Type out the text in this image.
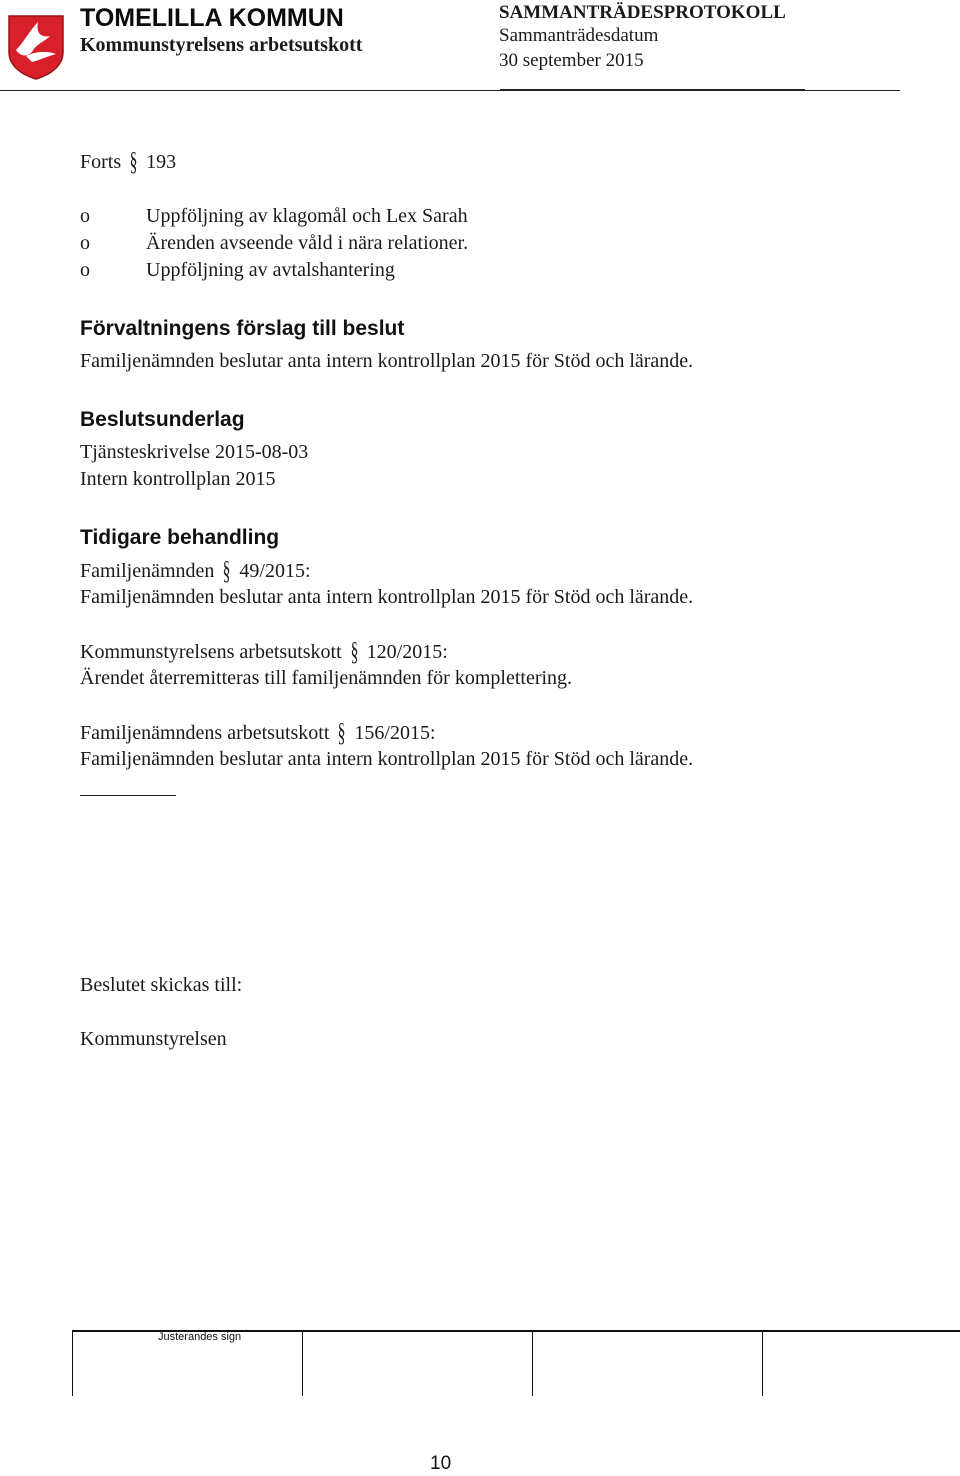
TOMELILLA KOMMUN
Kommunstyrelsens arbetsutskott
SAMMANTRÄDESPROTOKOLL
Sammanträdesdatum
30 september 2015
Forts § 193
o	Uppföljning av klagomål och Lex Sarah
o	Ärenden avseende våld i nära relationer.
o	Uppföljning av avtalshantering
Förvaltningens förslag till beslut
Familjenämnden beslutar anta intern kontrollplan 2015 för Stöd och lärande.
Beslutsunderlag
Tjänsteskrivelse 2015-08-03
Intern kontrollplan 2015
Tidigare behandling
Familjenämnden § 49/2015:
Familjenämnden beslutar anta intern kontrollplan 2015 för Stöd och lärande.
Kommunstyrelsens arbetsutskott § 120/2015:
Ärendet återremitteras till familjenämnden för komplettering.
Familjenämndens arbetsutskott § 156/2015:
Familjenämnden beslutar anta intern kontrollplan 2015 för Stöd och lärande.
Beslutet skickas till:
Kommunstyrelsen
Justerandes sign
10
